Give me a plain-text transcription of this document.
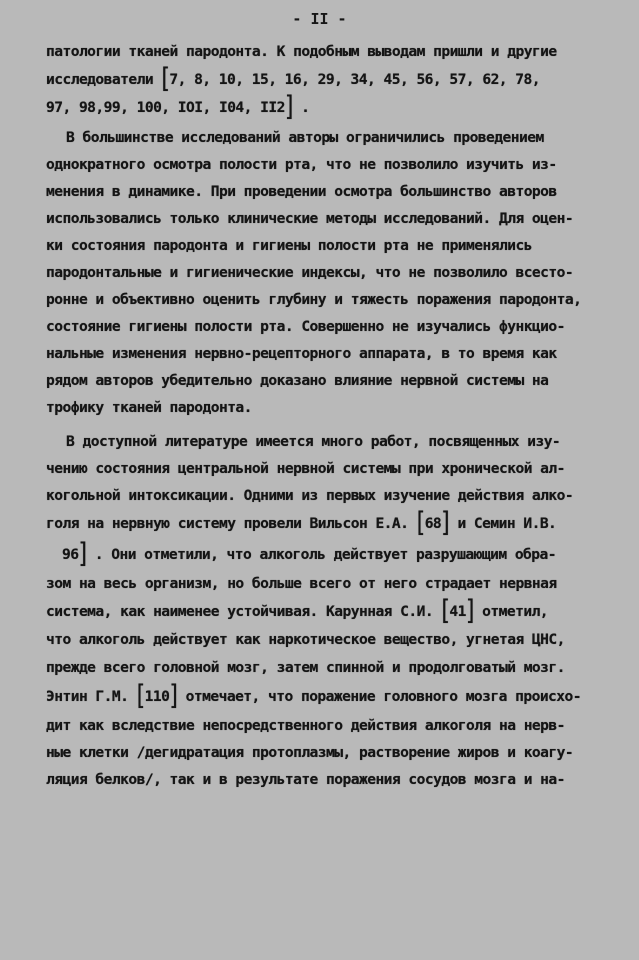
- II -
патологии тканей пародонта. К подобным выводам пришли и другие
исследователи [7, 8, 10, 15, 16, 29, 34, 45, 56, 57, 62, 78,
97, 98,99, 100, IOI, I04, II2] .
В большинстве исследований авторы ограничились проведением
однократного осмотра полости рта, что не позволило изучить из-
менения в динамике. При проведении осмотра большинство авторов
использовались только клинические методы исследований. Для оцен-
ки состояния пародонта и гигиены полости рта не применялись
пародонтальные и гигиенические индексы, что не позволило всесто-
ронне и объективно оценить глубину и тяжесть поражения пародонта,
состояние гигиены полости рта. Совершенно не изучались функцио-
нальные изменения нервно-рецепторного аппарата, в то время как
рядом авторов убедительно доказано влияние нервной системы на
трофику тканей пародонта.
В доступной литературе имеется много работ, посвященных изу-
чению состояния центральной нервной системы при хронической ал-
когольной интоксикации. Одними из первых изучение действия алко-
голя на нервную систему провели Вильсон Е.А. [68] и Семин И.В.
96] . Они отметили, что алкоголь действует разрушающим обра-
зом на весь организм, но больше всего от него страдает нервная
система, как наименее устойчивая. Карунная С.И. [41] отметил,
что алкоголь действует как наркотическое вещество, угнетая ЦНС,
прежде всего головной мозг, затем спинной и продолговатый мозг.
Энтин Г.М. [110] отмечает, что поражение головного мозга происхо-
дит как вследствие непосредственного действия алкоголя на нерв-
ные клетки /дегидратация протоплазмы, растворение жиров и коагу-
ляция белков/, так и в результате поражения сосудов мозга и на-
